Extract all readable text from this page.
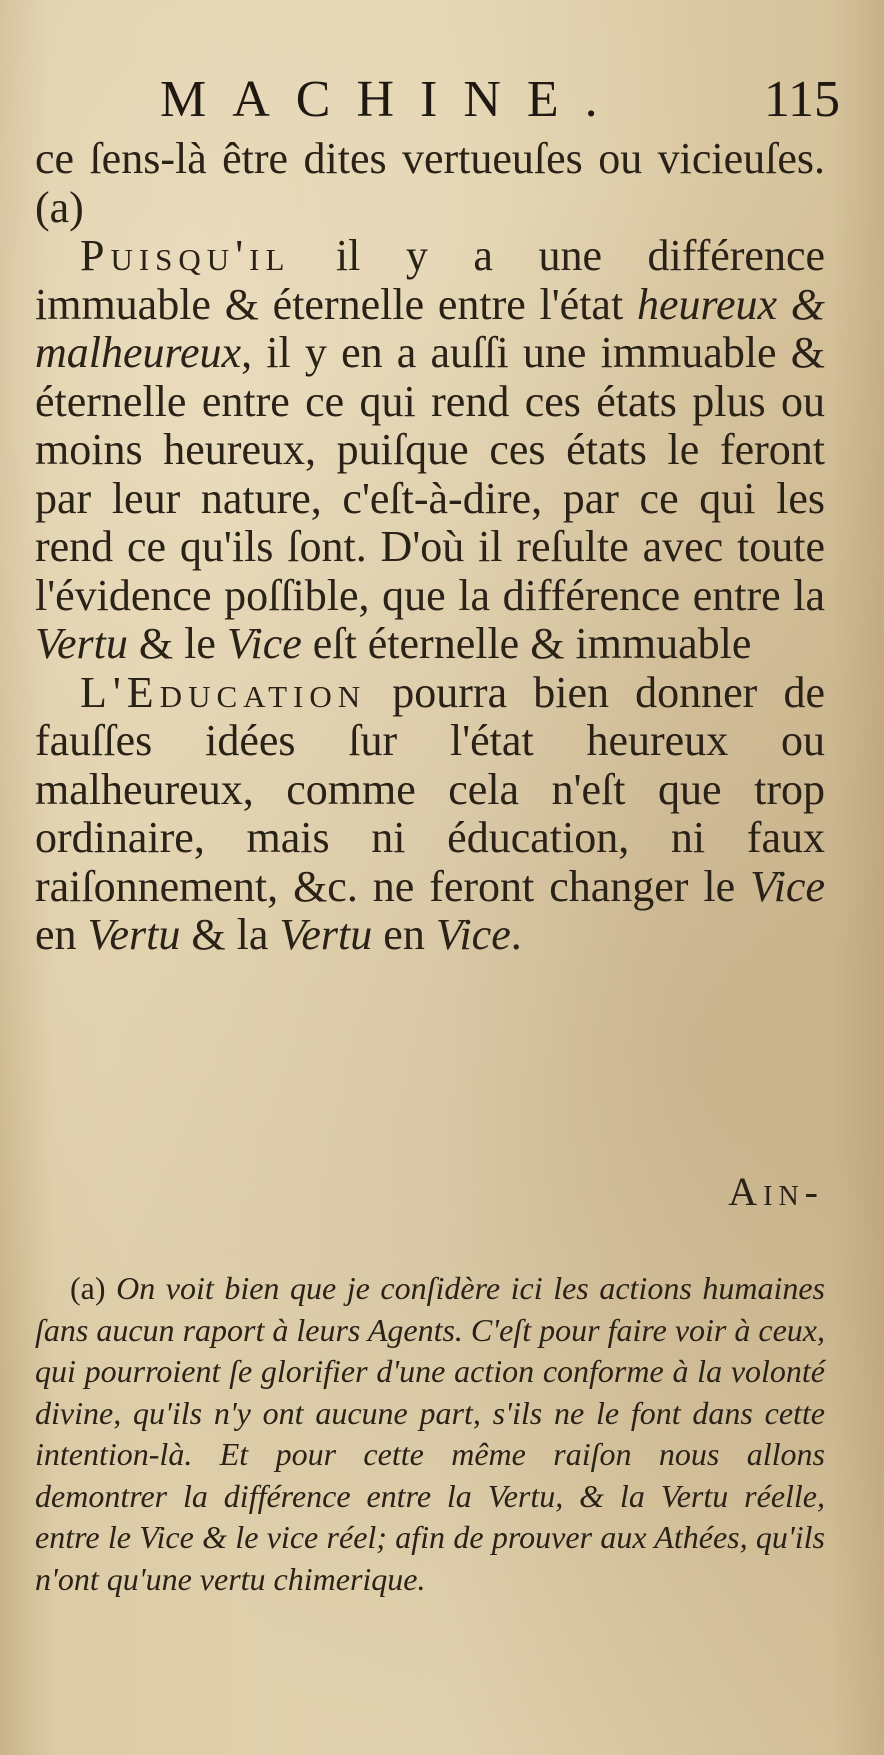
MACHINE.	115

ce ſens-là être dites vertueuſes ou vicieuſes. (a)

Puisqu'il il y a une différence immuable & éternelle entre l'état heureux & malheureux, il y en a auſſi une immuable & éternelle entre ce qui rend ces états plus ou moins heureux, puiſque ces états le feront par leur nature, c'eſt-à-dire, par ce qui les rend ce qu'ils ſont. D'où il reſulte avec toute l'évidence poſſible, que la différence entre la Vertu & le Vice eſt éternelle & immuable

L'Education pourra bien donner de fauſſes idées ſur l'état heureux ou malheureux, comme cela n'eſt que trop ordinaire, mais ni éducation, ni faux raiſonnement, &c. ne feront changer le Vice en Vertu & la Vertu en Vice.

Ain-

(a) On voit bien que je conſidère ici les actions humaines ſans aucun raport à leurs Agents. C'eſt pour faire voir à ceux, qui pourroient ſe glorifier d'une action conforme à la volonté divine, qu'ils n'y ont aucune part, s'ils ne le font dans cette intention-là. Et pour cette même raiſon nous allons demontrer la différence entre la Vertu, & la Vertu réelle, entre le Vice & le vice réel; afin de prouver aux Athées, qu'ils n'ont qu'une vertu chimerique.
